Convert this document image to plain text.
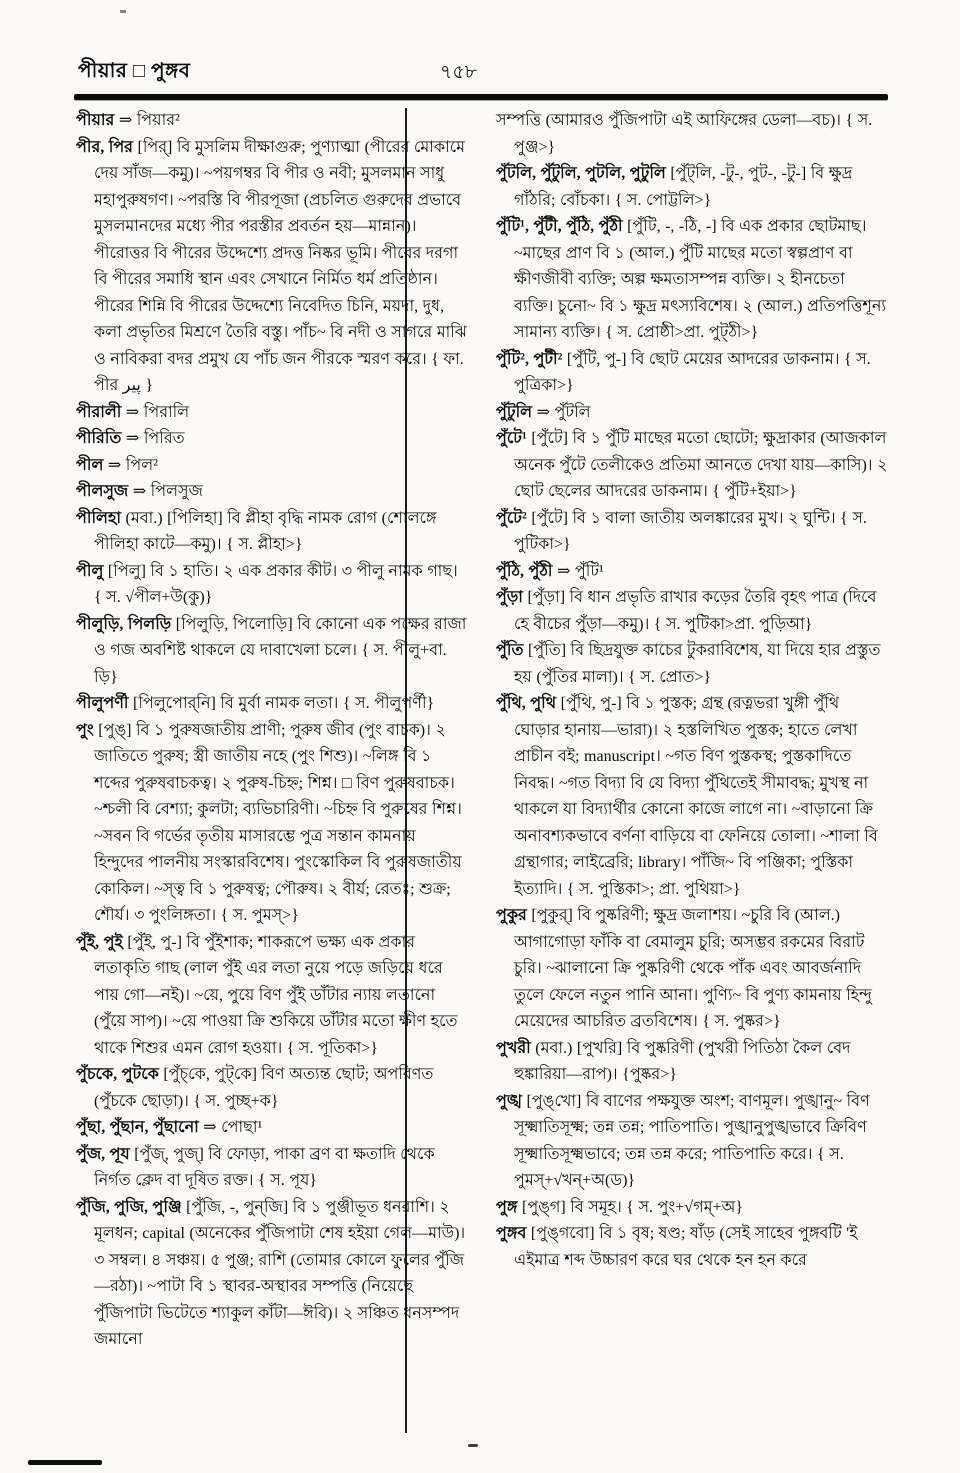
পীয়ার □ পুঙ্গব	৭৫৮

পীয়ার ⇒ পিয়ার²

পীর, পির [পির্‌] বি মুসলিম দীক্ষাগুরু; পুণ্যাত্মা (পীরের মোকামে দেয় সাঁজ—কমু)। ~পয়গম্বর বি পীর ও নবী; মুসলমান সাধু মহাপুরুষগণ। ~পরস্তি বি পীরপূজা (প্রচলিত গুরুদের প্রভাবে মুসলমানদের মধ্যে পীর পরস্তীর প্রবর্তন হয়—মান্নান)। পীরোত্তর বি পীরের উদ্দেশ্যে প্রদত্ত নিষ্কর ভূমি। পীরের দরগা বি পীরের সমাধি স্থান এবং সেখানে নির্মিত ধর্ম প্রতিষ্ঠান। পীরের শিন্নি বি পীরের উদ্দেশ্যে নিবেদিত চিনি, ময়দা, দুধ, কলা প্রভৃতির মিশ্রণে তৈরি বস্তু। পাঁচ~ বি নদী ও সাগরে মাঝি ও নাবিকরা বদর প্রমুখ যে পাঁচ জন পীরকে স্মরণ করে। { ফা. পীর پير }

পীরালী ⇒ পিরালি

পীরিতি ⇒ পিরিত

পীল ⇒ পিল²

পীলসুজ ⇒ পিলসুজ

পীলিহা (মবা.) [পিলিহা] বি প্লীহা বৃদ্ধি নামক রোগ (শোলঙ্গে পীলিহা কাটে—কমু)। { স. প্লীহা>}

পীলু [পিলু] বি ১ হাতি। ২ এক প্রকার কীট। ৩ পীলু নামক গাছ। { স. √পীল+উ(কু)}

পীলুড়ি, পিলড়ি [পিলুড়ি, পিলোড়ি] বি কোনো এক পক্ষের রাজা ও গজ অবশিষ্ট থাকলে যে দাবাখেলা চলে। { স. পীলু+বা. ড়ি}

পীলুপর্ণী [পিলুপোর্‌নি] বি মুর্বা নামক লতা। { স. পীলুপর্ণী}

পুং [পুঙ্‌] বি ১ পুরুষজাতীয় প্রাণী; পুরুষ জীব (পুং বাচক)। ২ জাতিতে পুরুষ; স্ত্রী জাতীয় নহে (পুং শিশু)। ~লিঙ্গ বি ১ শব্দের পুরুষবাচকত্ব। ২ পুরুষ-চিহ্ন; শিশ্ন। □ বিণ পুরুষবাচক। ~শ্চলী বি বেশ্যা; কুলটা; ব্যভিচারিণী। ~চিহ্ন বি পুরুষের শিশ্ন। ~সবন বি গর্ভের তৃতীয় মাসারম্ভে পুত্র সন্তান কামনায় হিন্দুদের পালনীয় সংস্কারবিশেষ। পুংস্কোকিল বি পুরুষজাতীয় কোকিল। ~স্ত্ব বি ১ পুরুষত্ব; পৌরুষ। ২ বীর্য; রেতঃ; শুক্র; শৌর্য। ৩ পুংলিঙ্গতা। { স. পুমস্‌>}

পুঁই, পুই [পুঁই, পু-] বি পুঁইশাক; শাকরূপে ভক্ষ্য এক প্রকার লতাকৃতি গাছ (লাল পুঁই এর লতা নুয়ে পড়ে জড়িয়ে ধরে পায় গো—নই)। ~য়ে, পুয়ে বিণ পুঁই ডাঁটার ন্যায় লতানো (পুঁয়ে সাপ)। ~য়ে পাওয়া ক্রি শুকিয়ে ডাঁটার মতো ক্ষীণ হতে থাকে শিশুর এমন রোগ হওয়া। { স. পূতিকা>}

পুঁচকে, পুটকে [পুঁচ্‌কে, পুট্‌কে] বিণ অত্যন্ত ছোট; অপরিণত (পুঁচকে ছোড়া)। { স. পুচ্ছ+ক}

পুঁছা, পুঁছান, পুঁছানো ⇒ পোছা¹

পুঁজ, পূয [পুঁজ্‌, পুজ্‌] বি ফোড়া, পাকা ব্রণ বা ক্ষতাদি থেকে নির্গত ক্লেদ বা দূষিত রক্ত। { স. পূয}

পুঁজি, পুজি, পুঞ্জি [পুঁজি, -, পুন্‌জি] বি ১ পুঞ্জীভূত ধনরাশি। ২ মূলধন; capital (অনেকের পুঁজিপাটা শেষ হইয়া গেল—মাউ)। ৩ সম্বল। ৪ সঞ্চয়। ৫ পুঞ্জ; রাশি (তোমার কোলে ফুলের পুঁজি—রঠা)। ~পাটা বি ১ স্থাবর-অস্থাবর সম্পত্তি (নিয়েছে পুঁজিপাটা ভিটেতে শ্যাকুল কাঁটা—ঈবি)। ২ সঞ্চিত ধনসম্পদ জমানো

সম্পত্তি (আমারও পুঁজিপাটা এই আফিঙ্গের ডেলা—বচ)। { স. পুঞ্জ>}

পুঁটলি, পুঁটুলি, পুটলি, পুটুলি [পুঁট্‌লি, -টু-, পুট-, -টু-] বি ক্ষুদ্র গাঁঠরি; বোঁচকা। { স. পোট্টলি>}

পুঁটি¹, পুঁটী, পুঁঠি, পুঁঠী [পুঁটি, -, -ঠি, -] বি এক প্রকার ছোটমাছ। ~মাছের প্রাণ বি ১ (আল.) পুঁটি মাছের মতো স্বল্পপ্রাণ বা ক্ষীণজীবী ব্যক্তি; অল্প ক্ষমতাসম্পন্ন ব্যক্তি। ২ হীনচেতা ব্যক্তি। চুনো~ বি ১ ক্ষুদ্র মৎস্যবিশেষ। ২ (আল.) প্রতিপত্তিশূন্য সামান্য ব্যক্তি। { স. প্রোষ্ঠী>প্রা. পুট্ঠী>}

পুঁটি², পুটী² [পুঁটি, পু-] বি ছোট মেয়ের আদরের ডাকনাম। { স. পুত্রিকা>}

পুঁটুলি ⇒ পুঁটলি

পুঁটে¹ [পুঁটে] বি ১ পুঁটি মাছের মতো ছোটো; ক্ষুদ্রাকার (আজকাল অনেক পুঁটে তেলীকেও প্রতিমা আনতে দেখা যায়—কাসি)। ২ ছোট ছেলের আদরের ডাকনাম। { পুঁটি+ইয়া>}

পুঁটে² [পুঁটে] বি ১ বালা জাতীয় অলঙ্কারের মুখ। ২ ঘুন্টি। { স. পুটিকা>}

পুঁঠি, পুঁঠী ⇒ পুঁটি¹

পুঁড়া [পুঁড়া] বি ধান প্রভৃতি রাখার কড়ের তৈরি বৃহৎ পাত্র (দিবে হে বীচের পুঁড়া—কমু)। { স. পুটিকা>প্রা. পুড়িআ}

পুঁতি [পুঁতি] বি ছিদ্রযুক্ত কাচের টুকরাবিশেষ, যা দিয়ে হার প্রস্তুত হয় (পুঁতির মালা)। { স. প্রোত>}

পুঁথি, পুথি [পুঁথি, পু-] বি ১ পুস্তক; গ্রন্থ (রত্নভরা খুঙ্গী পুঁথি ঘোড়ার হানায়—ভারা)। ২ হস্তলিখিত পুস্তক; হাতে লেখা প্রাচীন বই; manuscript। ~গত বিণ পুস্তকস্থ; পুস্তকাদিতে নিবদ্ধ। ~গত বিদ্যা বি যে বিদ্যা পুঁথিতেই সীমাবদ্ধ; মুখস্থ না থাকলে যা বিদ্যার্থীর কোনো কাজে লাগে না। ~বাড়ানো ক্রি অনাবশ্যকভাবে বর্ণনা বাড়িয়ে বা ফেনিয়ে তোলা। ~শালা বি গ্রন্থাগার; লাইব্রেরি; library। পাঁজি~ বি পঞ্জিকা; পুস্তিকা ইত্যাদি। { স. পুস্তিকা>; প্রা. পুথিয়া>}

পুকুর [পুকুর্‌] বি পুষ্করিণী; ক্ষুদ্র জলাশয়। ~চুরি বি (আল.) আগাগোড়া ফাঁকি বা বেমালুম চুরি; অসম্ভব রকমের বিরাট চুরি। ~ঝালানো ক্রি পুষ্করিণী থেকে পাঁক এবং আবর্জনাদি তুলে ফেলে নতুন পানি আনা। পুণ্যি~ বি পুণ্য কামনায় হিন্দু মেয়েদের আচরিত ব্রতবিশেষ। { স. পুষ্কর>}

পুখরী (মবা.) [পুখরি] বি পুষ্করিণী (পুখরী পিতিঠা কৈল বেদ হুঙ্কারিয়া—রাপ)। {পুষ্কর>}

পুঙ্খ [পুঙ্‌খো] বি বাণের পক্ষযুক্ত অংশ; বাণমূল। পুঙ্খানু~ বিণ সূক্ষ্মাতিসূক্ষ্ম; তন্ন তন্ন; পাতিপাতি। পুঙ্খানুপুঙ্খভাবে ক্রিবিণ সূক্ষ্মাতিসূক্ষ্মভাবে; তন্ন তন্ন করে; পাতিপাতি করে। { স. পুমস্‌+√খন্‌+অ(ড)}

পুঙ্গ [পুঙ্‌গ] বি সমূহ। { স. পুং+√গম্‌+অ}

পুঙ্গব [পুঙ্‌গবো] বি ১ বৃষ; ষণ্ড; ষাঁড় (সেই সাহেব পুঙ্গবটি 'ই এইমাত্র শব্দ উচ্চারণ করে ঘর থেকে হন হন করে
